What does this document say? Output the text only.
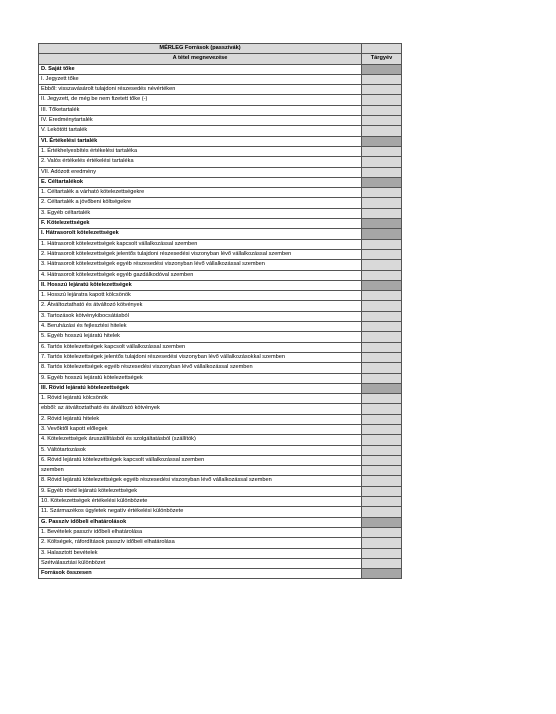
MÉRLEG Források (passzívák)	
A tétel megnevezése	Tárgyév
D. Saját tőke	
I. Jegyzett tőke	
Ebből: visszavásárolt tulajdoni részesedés névértéken	
II. Jegyzett, de még be nem fizetett tőke (-)	
III. Tőketartalék	
IV. Eredménytartalék	
V. Lekötött tartalék	
VI. Értékelési tartalék	
1. Értékhelyesbítés értékelési tartaléka	
2. Valós értékelés értékelési tartaléka	
VII. Adózott eredmény	
E. Céltartalékok	
1. Céltartalék a várható kötelezettségekre	
2. Céltartalék a jövőbeni költségekre	
3. Egyéb céltartalék	
F. Kötelezettségek	
I. Hátrasorolt kötelezettségek	
1. Hátrasorolt kötelezettségek kapcsolt vállalkozással szemben	
2. Hátrasorolt kötelezettségek jelentős tulajdoni részesedési viszonyban lévő vállalkozással szemben	
3. Hátrasorolt kötelezettségek egyéb részesedési viszonyban lévő vállalkozással szemben	
4. Hátrasorolt kötelezettségek egyéb gazdálkodóval szemben	
II. Hosszú lejáratú kötelezettségek	
1. Hosszú lejáratra kapott kölcsönök	
2. Átváltoztatható és átváltozó kötvények	
3. Tartozások kötvénykibocsátásból	
4. Beruházási és fejlesztési hitelek	
5. Egyéb hosszú lejáratú hitelek	
6. Tartós kötelezettségek kapcsolt vállalkozással szemben	
7. Tartós kötelezettségek jelentős tulajdoni részesedési viszonyban lévő vállalkozásokkal szemben	
8. Tartós kötelezettségek egyéb részesedési viszonyban lévő vállalkozással szemben	
9. Egyéb hosszú lejáratú kötelezettségek	
III. Rövid lejáratú kötelezettségek	
1. Rövid lejáratú kölcsönök	
ebből: az átváltoztatható és átváltozó kötvények	
2. Rövid lejáratú hitelek	
3. Vevőktől kapott előlegek	
4. Kötelezettségek áruszállításból és szolgáltatásból (szállítók)	
5. Váltótartozások	
6. Rövid lejáratú kötelezettségek kapcsolt vállalkozással szemben	
szemben	
8. Rövid lejáratú kötelezettségek egyéb részesedési viszonyban lévő vállalkozással szemben	
9. Egyéb rövid lejáratú kötelezettségek	
10. Kötelezettségek értékelési különbözete	
11. Származékos ügyletek negatív értékelési különbözete	
G. Passzív időbeli elhatárolások	
1. Bevételek passzív időbeli elhatárolása	
2. Költségek, ráfordítások passzív időbeli elhatárolása	
3. Halasztott bevételek	
Szétválasztási különbözet	
Források összesen	
